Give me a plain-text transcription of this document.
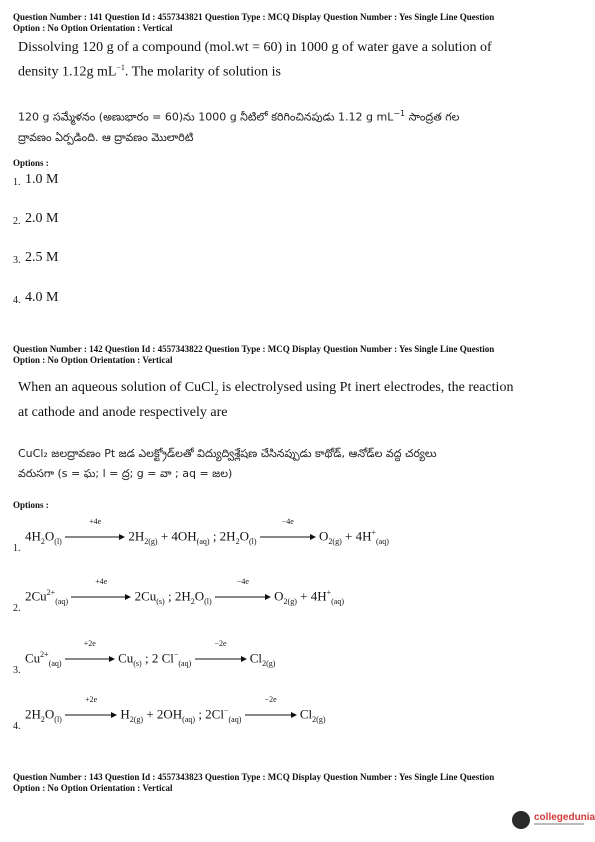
Question Number : 141 Question Id : 4557343821 Question Type : MCQ Display Question Number : Yes Single Line Question
Option : No Option Orientation : Vertical
Dissolving 120 g of a compound (mol.wt = 60) in 1000 g of water gave a solution of
density 1.12g $mL^{-1}$. The molarity of solution is
120 g సమ్మేళనం (అణుభారం = 60)ను 1000 g నీటిలో కరిగించినపుడు 1.12 g $mL^{-1}$ సాంద్రత గల
ద్రావణం ఏర్పడింది. ఆ ద్రావణం మొలారిటి
Options :
1. 1.0 M
2. 2.0 M
3. 2.5 M
4. 4.0 M
Question Number : 142 Question Id : 4557343822 Question Type : MCQ Display Question Number : Yes Single Line Question
Option : No Option Orientation : Vertical
When an aqueous solution of CuCl$_2$ is electrolysed using Pt inert electrodes, the reaction
at cathode and anode respectively are
CuCl₂ జలద్రావణం Pt జడ ఎలక్ట్రోడ్‌లతో విద్యుద్విశ్లేషణ చేసినప్పుడు కాథోడ్, ఆనోడ్‌ల వద్ద చర్యలు
వరుసగా (s = ఘ; l = ద్ర; g = వా ; aq = జల)
Options :
1.
$4H_2O_{(l)}$
+4e
$2H_{2(g)} + 4OH_{(aq)}$ ; $2H_2O_{(l)}$
−4e
$O_{2(g)} + 4H^+_{(aq)}$
2.
$2Cu^{2+}_{(aq)}$
+4e
$2Cu_{(s)}$ ; $2H_2O_{(l)}$
−4e
$O_{2(g)} + 4H^+_{(aq)}$
3.
$Cu^{2+}_{(aq)}$
+2e
$Cu_{(s)}$ ; 2 $Cl^-_{(aq)}$
−2e
$Cl_{2(g)}$
4.
$2H_2O_{(l)}$
+2e
$H_{2(g)} + 2OH_{(aq)}$ ; $2Cl^-_{(aq)}$
−2e
$Cl_{2(g)}$
Question Number : 143 Question Id : 4557343823 Question Type : MCQ Display Question Number : Yes Single Line Question
Option : No Option Orientation : Vertical
collegedunia
